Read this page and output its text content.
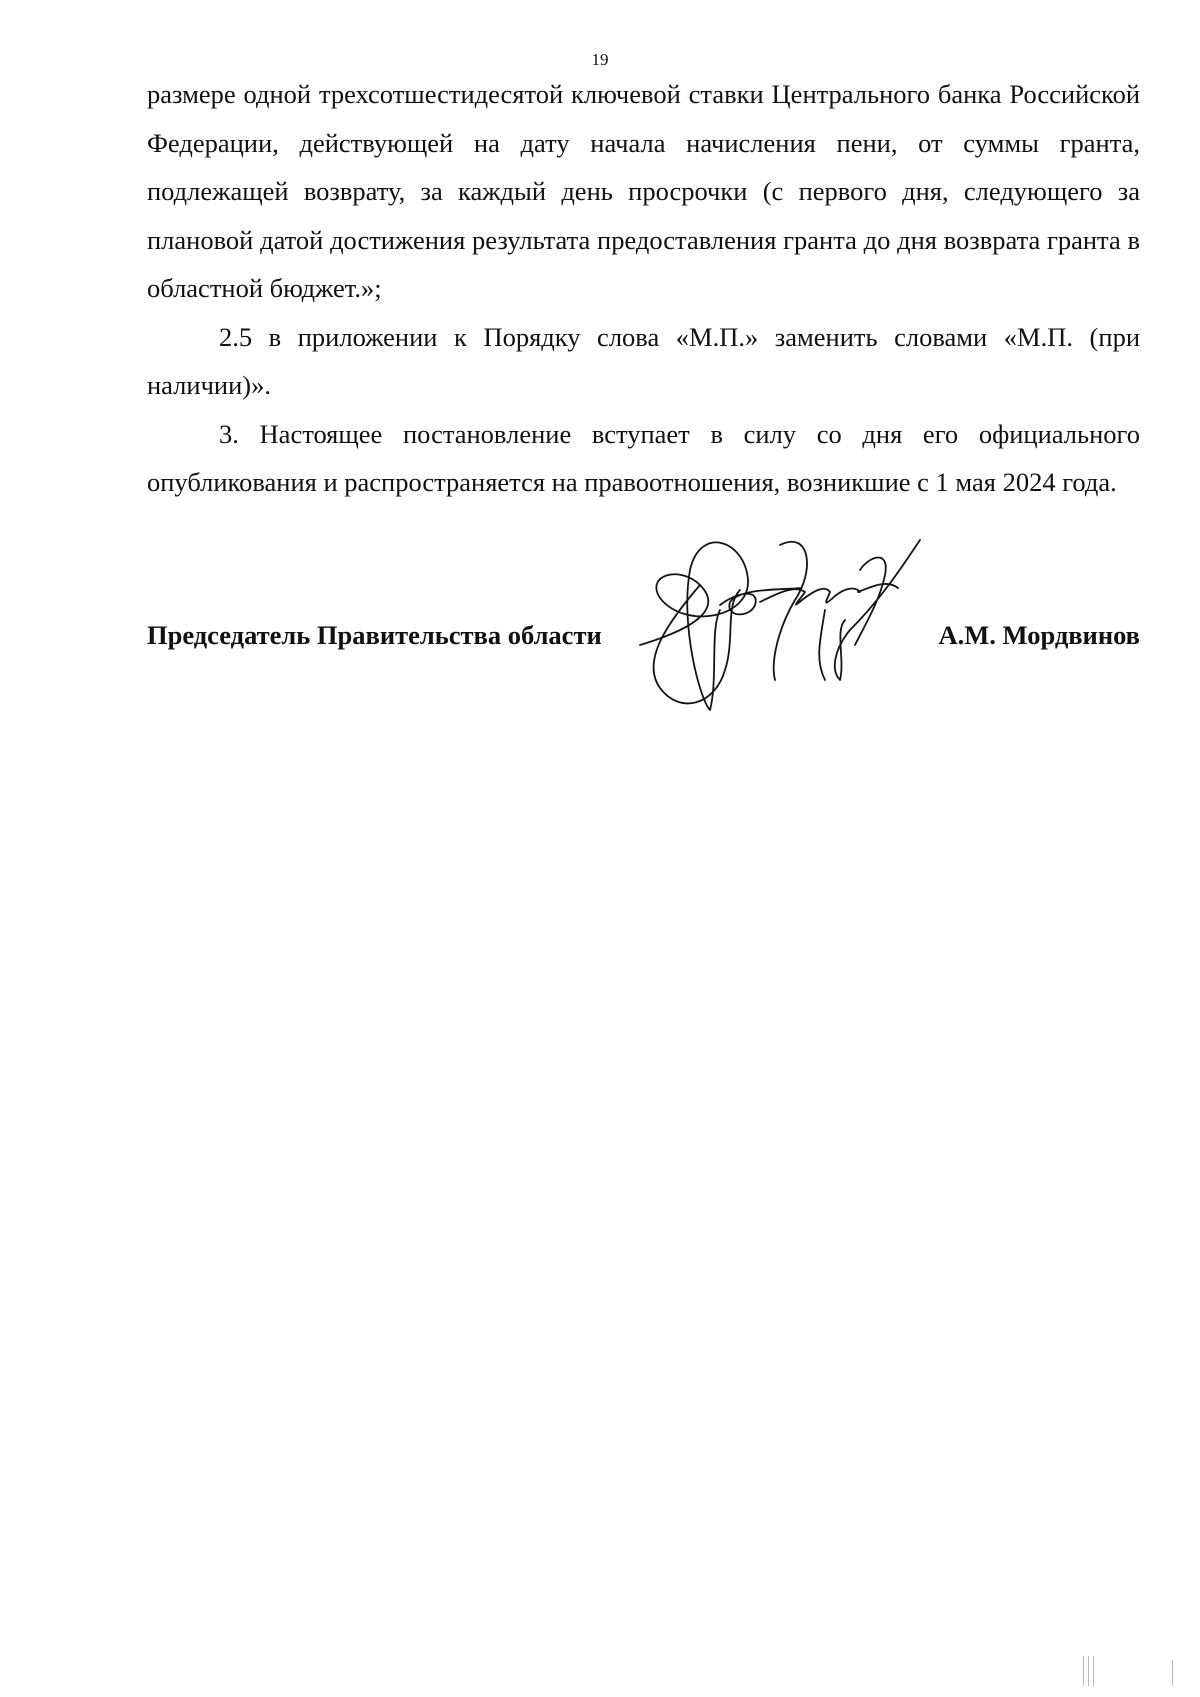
19

размере одной трехсотшестидесятой ключевой ставки Центрального банка Российской Федерации, действующей на дату начала начисления пени, от суммы гранта, подлежащей возврату, за каждый день просрочки (с первого дня, следующего за плановой датой достижения результата предоставления гранта до дня возврата гранта в областной бюджет.»;

2.5 в приложении к Порядку слова «М.П.» заменить словами «М.П. (при наличии)».

3. Настоящее постановление вступает в силу со дня его официального опубликования и распространяется на правоотношения, возникшие с 1 мая 2024 года.

Председатель Правительства области	А.М. Мордвинов
